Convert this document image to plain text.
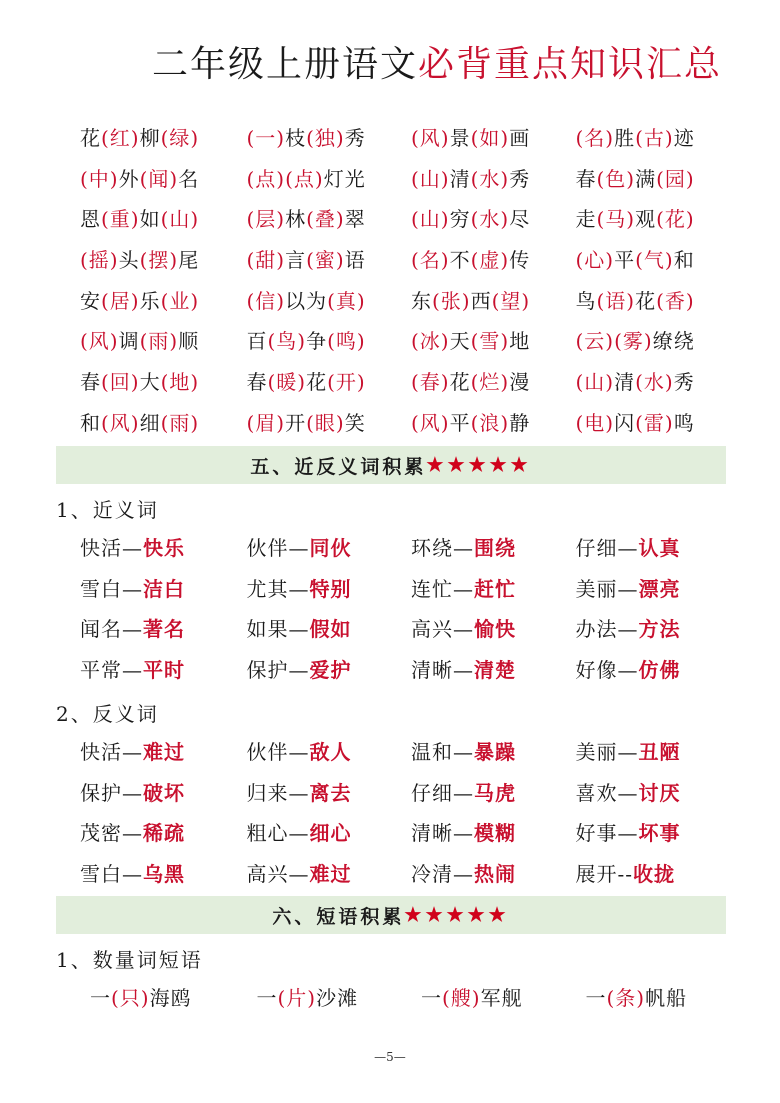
二年级上册语文必背重点知识汇总
花(红)柳(绿)	(一)枝(独)秀	(风)景(如)画	(名)胜(古)迹
(中)外(闻)名	(点)(点)灯光	(山)清(水)秀	春(色)满(园)
恩(重)如(山)	(层)林(叠)翠	(山)穷(水)尽	走(马)观(花)
(摇)头(摆)尾	(甜)言(蜜)语	(名)不(虚)传	(心)平(气)和
安(居)乐(业)	(信)以为(真)	东(张)西(望)	鸟(语)花(香)
(风)调(雨)顺	百(鸟)争(鸣)	(冰)天(雪)地	(云)(雾)缭绕
春(回)大(地)	春(暖)花(开)	(春)花(烂)漫	(山)清(水)秀
和(风)细(雨)	(眉)开(眼)笑	(风)平(浪)静	(电)闪(雷)鸣
五、近反义词积累 ★★★★★
1、近义词
快活—快乐	伙伴—同伙	环绕—围绕	仔细—认真
雪白—洁白	尤其—特别	连忙—赶忙	美丽—漂亮
闻名—著名	如果—假如	高兴—愉快	办法—方法
平常—平时	保护—爱护	清晰—清楚	好像—仿佛
2、反义词
快活—难过	伙伴—敌人	温和—暴躁	美丽—丑陋
保护—破坏	归来—离去	仔细—马虎	喜欢—讨厌
茂密—稀疏	粗心—细心	清晰—模糊	好事—坏事
雪白—乌黑	高兴—难过	冷清—热闹	展开--收拢
六、短语积累 ★★★★★
1、数量词短语
一(只)海鸥	一(片)沙滩	一(艘)军舰	一(条)帆船
—5—
